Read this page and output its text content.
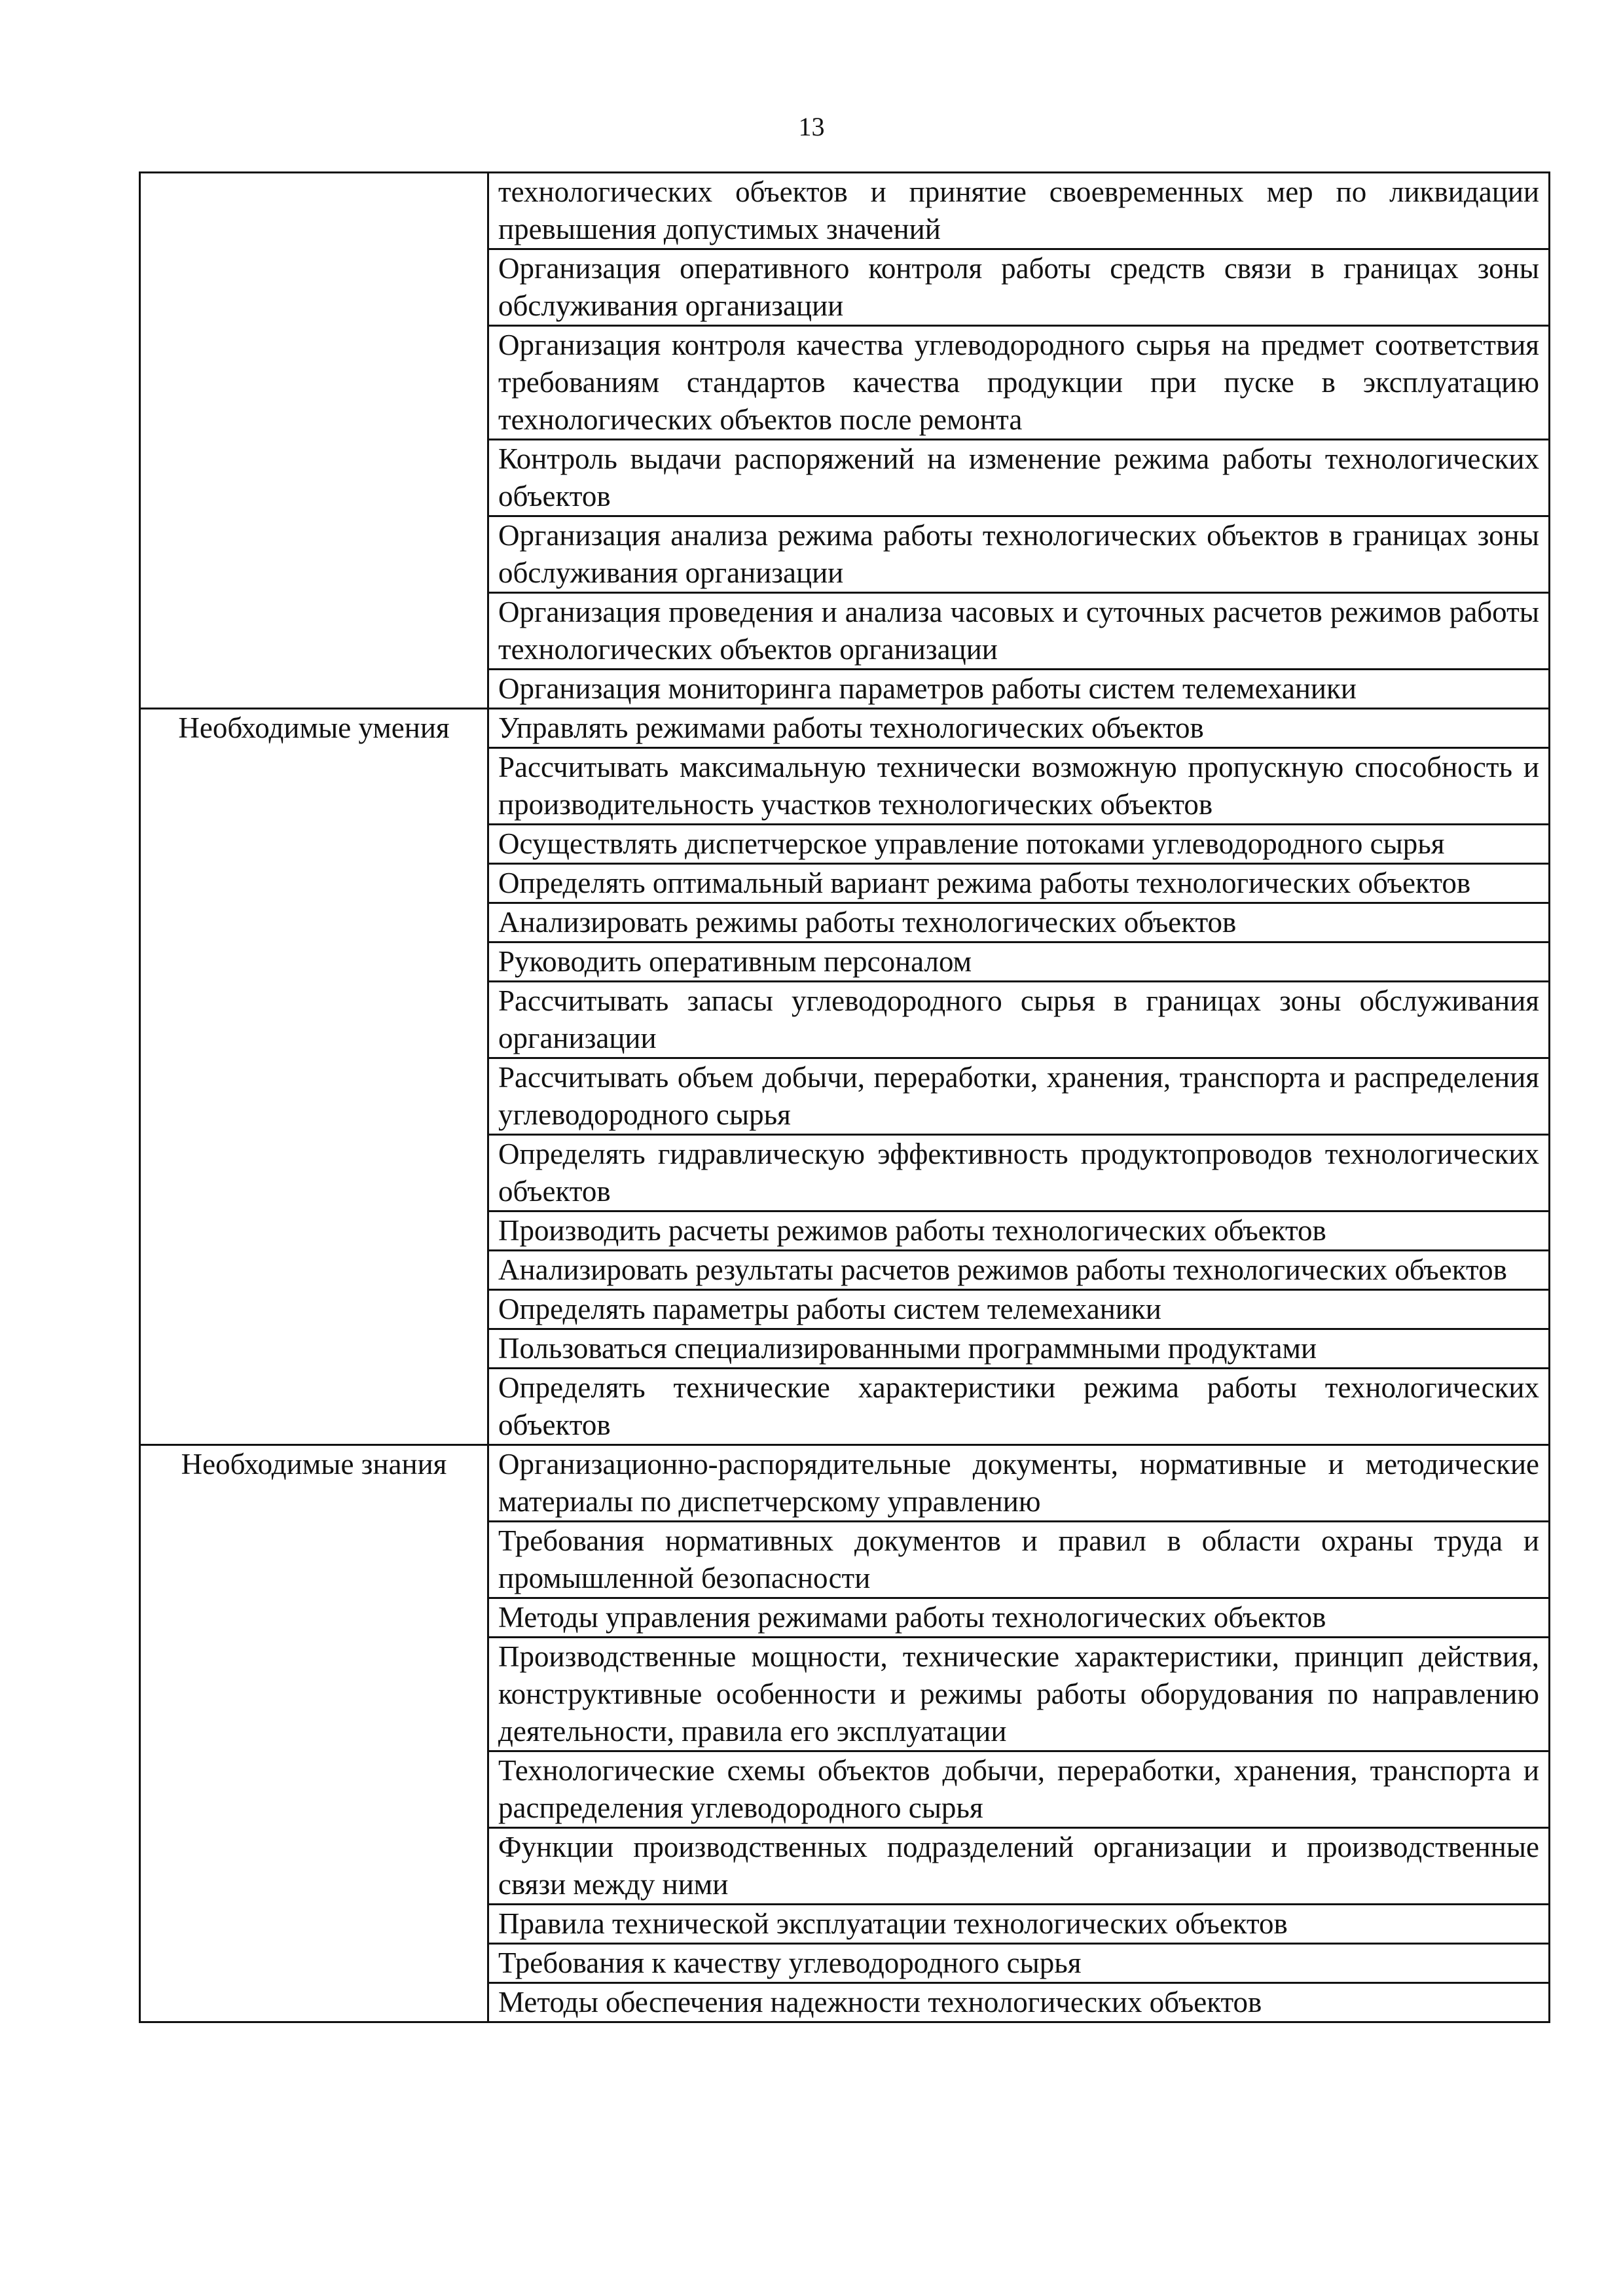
13
	технологических объектов и принятие своевременных мер по ликвидации превышения допустимых значений
	Организация оперативного контроля работы средств связи в границах зоны обслуживания организации
	Организация контроля качества углеводородного сырья на предмет соответствия требованиям стандартов качества продукции при пуске в эксплуатацию технологических объектов после ремонта
	Контроль выдачи распоряжений на изменение режима работы технологических объектов
	Организация анализа режима работы технологических объектов в границах зоны обслуживания организации
	Организация проведения и анализа часовых и суточных расчетов режимов работы технологических объектов организации
	Организация мониторинга параметров работы систем телемеханики
Необходимые умения	Управлять режимами работы технологических объектов
	Рассчитывать максимальную технически возможную пропускную способность и производительность участков технологических объектов
	Осуществлять диспетчерское управление потоками углеводородного сырья
	Определять оптимальный вариант режима работы технологических объектов
	Анализировать режимы работы технологических объектов
	Руководить оперативным персоналом
	Рассчитывать запасы углеводородного сырья в границах зоны обслуживания организации
	Рассчитывать объем добычи, переработки, хранения, транспорта и распределения углеводородного сырья
	Определять гидравлическую эффективность продуктопроводов технологических объектов
	Производить расчеты режимов работы технологических объектов
	Анализировать результаты расчетов режимов работы технологических объектов
	Определять параметры работы систем телемеханики
	Пользоваться специализированными программными продуктами
	Определять технические характеристики режима работы технологических объектов
Необходимые знания	Организационно-распорядительные документы, нормативные и методические материалы по диспетчерскому управлению
	Требования нормативных документов и правил в области охраны труда и промышленной безопасности
	Методы управления режимами работы технологических объектов
	Производственные мощности, технические характеристики, принцип действия, конструктивные особенности и режимы работы оборудования по направлению деятельности, правила его эксплуатации
	Технологические схемы объектов добычи, переработки, хранения, транспорта и распределения углеводородного сырья
	Функции производственных подразделений организации и производственные связи между ними
	Правила технической эксплуатации технологических объектов
	Требования к качеству углеводородного сырья
	Методы обеспечения надежности технологических объектов
